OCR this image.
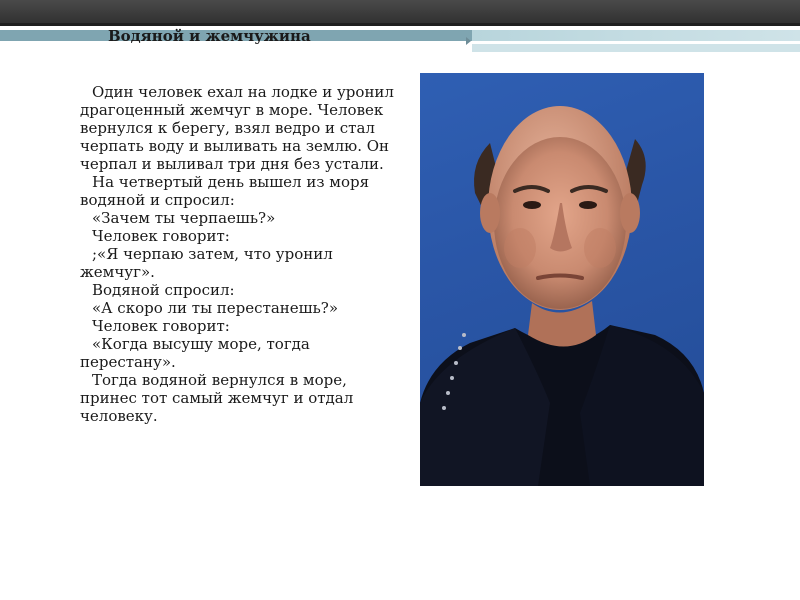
Водяной и жемчужина

Один человек ехал на лодке и уронил драгоценный жемчуг в море. Человек вернулся к берегу, взял ведро и стал черпать воду и выливать на землю. Он черпал и выливал три дня без устали.

На четвертый день вышел из моря водяной и спросил:

«Зачем ты черпаешь?»

Человек говорит:

;«Я черпаю затем, что уронил жемчуг».

Водяной спросил:

«А скоро ли ты перестанешь?»

Человек говорит:

«Когда высушу море, тогда перестану».

Тогда водяной вернулся в море, принес тот самый жемчуг и отдал человеку.
